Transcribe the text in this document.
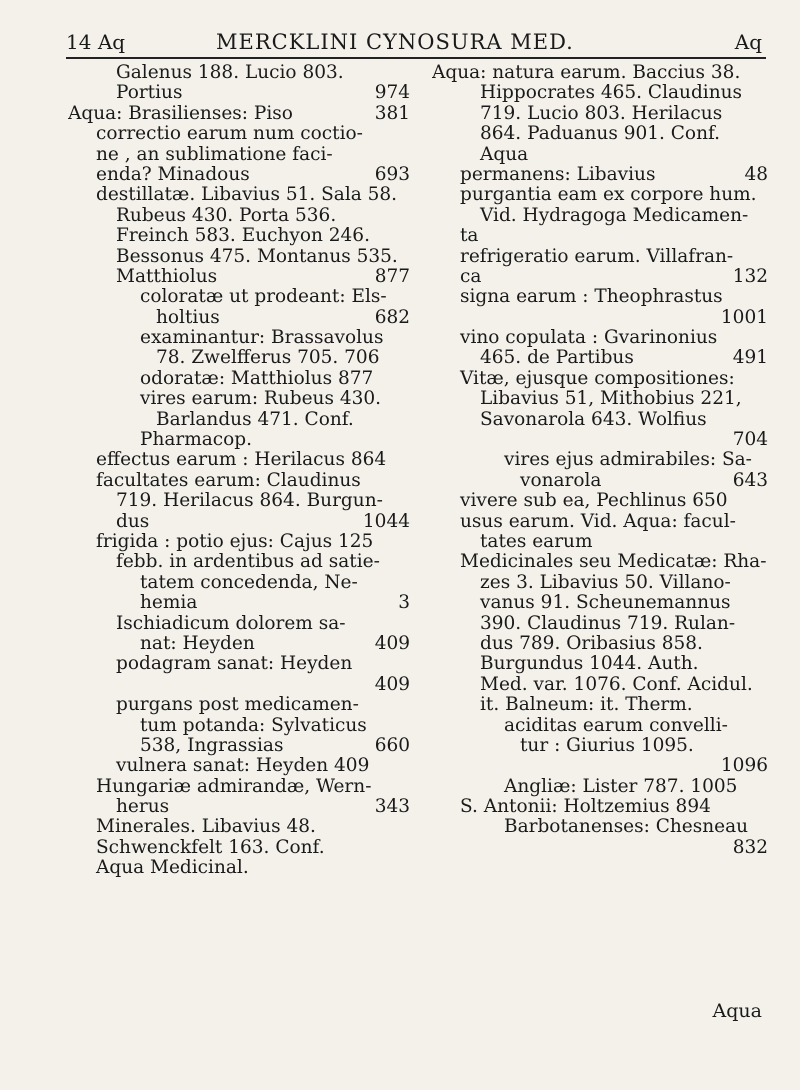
14 Aq	MERCKLINI CYNOSURA MED.	Aq
Galenus 188. Lucio 803.
Portius	974
Aqua: Brasilienses: Piso	381
correctio earum num coctio-
ne , an sublimatione faci-
enda? Minadous	693
destillatæ. Libavius 51. Sala 58.
Rubeus 430. Porta 536.
Freinch 583. Euchyon 246.
Bessonus 475. Montanus 535.
Matthiolus	877
coloratæ ut prodeant: Els-
holtius	682
examinantur: Brassavolus
78. Zwelfferus 705. 706
odoratæ: Matthiolus 877
vires earum: Rubeus 430.
Barlandus 471. Conf.
Pharmacop.
effectus earum : Herilacus 864
facultates earum: Claudinus
719. Herilacus 864. Burgun-
dus	1044
frigida : potio ejus: Cajus 125
febb. in ardentibus ad satie-
tatem concedenda, Ne-
hemia	3
Ischiadicum dolorem sa-
nat: Heyden	409
podagram sanat: Heyden
409
purgans post medicamen-
tum potanda: Sylvaticus
538, Ingrassias	660
vulnera sanat: Heyden 409
Hungariæ admirandæ, Wern-
herus	343
Minerales. Libavius 48.
Schwenckfelt 163. Conf.
Aqua Medicinal.
Aqua: natura earum. Baccius 38.
Hippocrates 465. Claudinus
719. Lucio 803. Herilacus
864. Paduanus 901. Conf.
Aqua
permanens: Libavius	48
purgantia eam ex corpore hum.
Vid. Hydragoga Medicamen-
ta
refrigeratio earum. Villafran-
ca	132
signa earum : Theophrastus
1001
vino copulata : Gvarinonius
465. de Partibus	491
Vitæ, ejusque compositiones:
Libavius 51, Mithobius 221,
Savonarola 643. Wolfius
704
vires ejus admirabiles: Sa-
vonarola	643
vivere sub ea, Pechlinus 650
usus earum. Vid. Aqua: facul-
tates earum
Medicinales seu Medicatæ: Rha-
zes 3. Libavius 50. Villano-
vanus 91. Scheunemannus
390. Claudinus 719. Rulan-
dus 789. Oribasius 858.
Burgundus 1044. Auth.
Med. var. 1076. Conf. Acidul.
it. Balneum: it. Therm.
aciditas earum convelli-
tur : Giurius 1095.
1096
Angliæ: Lister 787. 1005
S. Antonii: Holtzemius 894
Barbotanenses: Chesneau
832
Aqua
